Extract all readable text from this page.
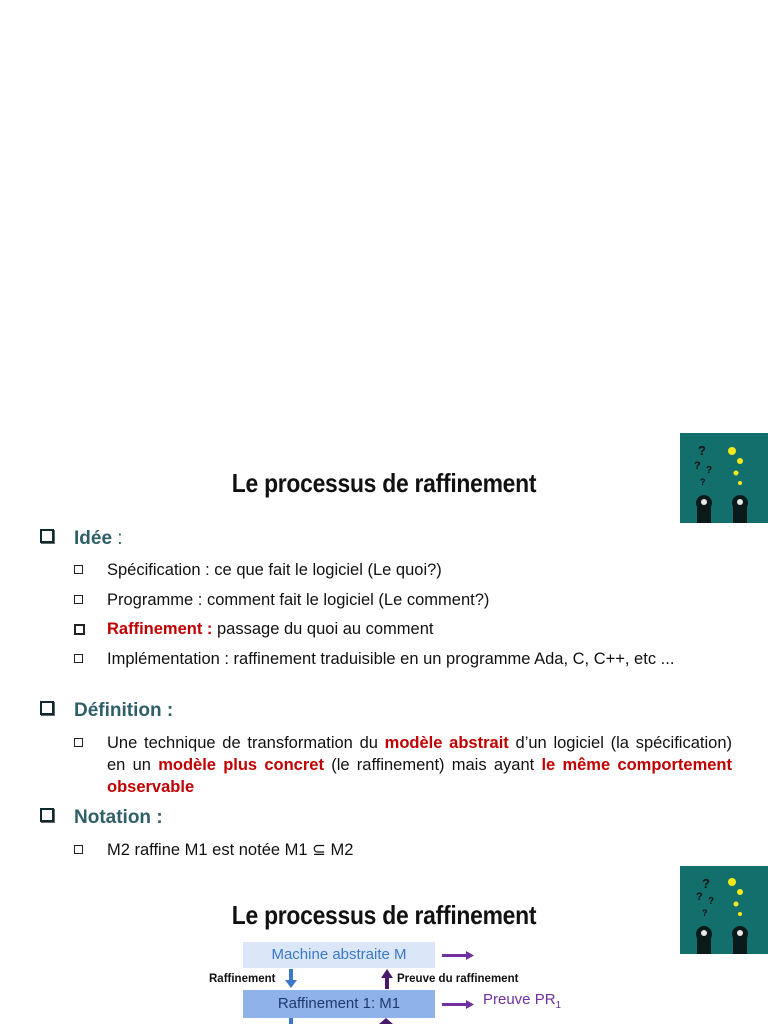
Le processus de raffinement
?
? ?
?
Idée :
Spécification : ce que fait le logiciel (Le quoi?)
Programme : comment fait le logiciel (Le comment?)
Raffinement : passage du quoi au comment
Implémentation : raffinement traduisible en un programme Ada, C, C++, etc ...
Définition :
Une technique de transformation du modèle abstrait d’un logiciel (la spécification) en un modèle plus concret (le raffinement) mais ayant le même comportement observable
Notation :
M2 raffine M1 est notée M1 ⊆ M2
Le processus de raffinement
?
? ?
?
Machine abstraite M
Raffinement	Preuve du raffinement
Raffinement 1: M1	Preuve $PR_1$
